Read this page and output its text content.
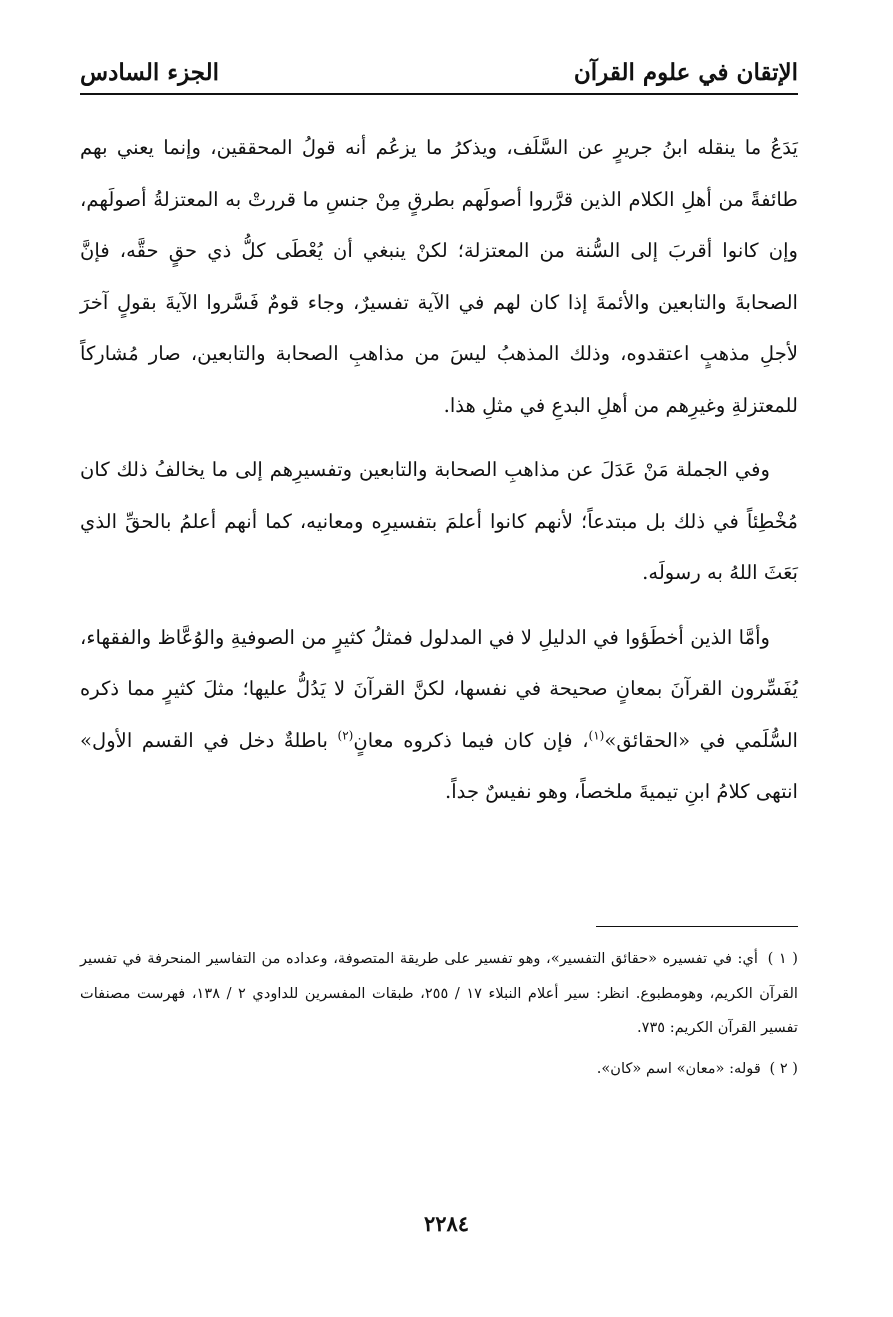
الإتقان في علوم القرآن
الجزء السادس

يَدَعُ ما ينقله ابنُ جريرٍ عن السَّلَف، ويذكرُ ما يزعُم أنه قولُ المحققين، وإنما يعني بهم طائفةً من أهلِ الكلام الذين قرَّروا أصولَهم بطرقٍ مِنْ جنسِ ما قررتْ به المعتزلةُ أصولَهم، وإن كانوا أقربَ إلى السُّنة من المعتزلة؛ لكنْ ينبغي أن يُعْطَى كلُّ ذي حقٍ حقَّه، فإنَّ الصحابةَ والتابعين والأئمةَ إذا كان لهم في الآية تفسيرٌ، وجاء قومٌ فَسَّروا الآيةَ بقولٍ آخرَ لأجلِ مذهبٍ اعتقدوه، وذلك المذهبُ ليسَ من مذاهبِ الصحابة والتابعين، صار مُشاركاً للمعتزلةِ وغيرِهم من أهلِ البدعِ في مثلِ هذا.

وفي الجملة مَنْ عَدَلَ عن مذاهبِ الصحابة والتابعين وتفسيرِهم إلى ما يخالفُ ذلك كان مُخْطِئاً في ذلك بل مبتدعاً؛ لأنهم كانوا أعلمَ بتفسيرِه ومعانيه، كما أنهم أعلمُ بالحقِّ الذي بَعَثَ اللهُ به رسولَه.

وأمَّا الذين أخطَؤوا في الدليلِ لا في المدلول فمثلُ كثيرٍ من الصوفيةِ والوُعَّاظ والفقهاء، يُفَسِّرون القرآنَ بمعانٍ صحيحة في نفسها، لكنَّ القرآنَ لا يَدُلُّ عليها؛ مثلَ كثيرٍ مما ذكره السُّلَمي في «الحقائق»$^{(١)}$، فإن كان فيما ذكروه معانٍ$^{(٢)}$ باطلةٌ دخل في القسم الأول» انتهى كلامُ ابنِ تيميةَ ملخصاً، وهو نفيسٌ جداً.

( ١ ) أي: في تفسيره «حقائق التفسير»، وهو تفسير على طريقة المتصوفة، وعداده من التفاسير المنحرفة في تفسير القرآن الكريم، وهومطبوع. انظر: سير أعلام النبلاء ١٧ / ٢٥٥، طبقات المفسرين للداودي ٢ / ١٣٨، فهرست مصنفات تفسير القرآن الكريم: ٧٣٥.

( ٢ ) قوله: «معان» اسم «كان».

٢٢٨٤
